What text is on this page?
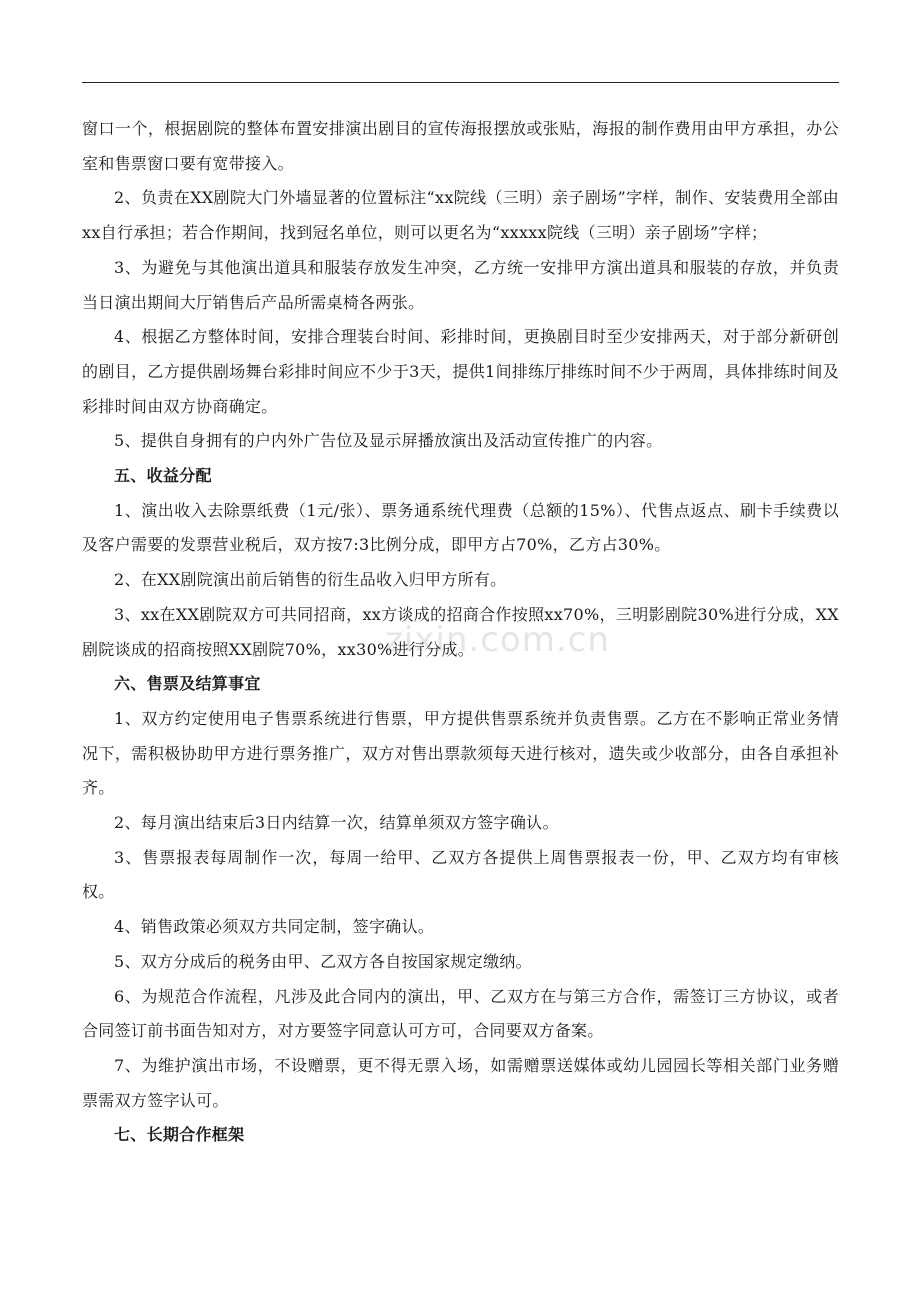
zixin.com.cn

窗口一个，根据剧院的整体布置安排演出剧目的宣传海报摆放或张贴，海报的制作费用由甲方承担，办公室和售票窗口要有宽带接入。

2、负责在XX剧院大门外墙显著的位置标注“xx院线（三明）亲子剧场”字样，制作、安装费用全部由xx自行承担；若合作期间，找到冠名单位，则可以更名为“xxxxx院线（三明）亲子剧场”字样；

3、为避免与其他演出道具和服装存放发生冲突，乙方统一安排甲方演出道具和服装的存放，并负责当日演出期间大厅销售后产品所需桌椅各两张。

4、根据乙方整体时间，安排合理装台时间、彩排时间，更换剧目时至少安排两天，对于部分新研创的剧目，乙方提供剧场舞台彩排时间应不少于3天，提供1间排练厅排练时间不少于两周，具体排练时间及彩排时间由双方协商确定。

5、提供自身拥有的户内外广告位及显示屏播放演出及活动宣传推广的内容。

五、收益分配

1、演出收入去除票纸费（1元/张）、票务通系统代理费（总额的15%）、代售点返点、刷卡手续费以及客户需要的发票营业税后，双方按7:3比例分成，即甲方占70%，乙方占30%。

2、在XX剧院演出前后销售的衍生品收入归甲方所有。

3、xx在XX剧院双方可共同招商，xx方谈成的招商合作按照xx70%，三明影剧院30%进行分成，XX剧院谈成的招商按照XX剧院70%，xx30%进行分成。

六、售票及结算事宜

1、双方约定使用电子售票系统进行售票，甲方提供售票系统并负责售票。乙方在不影响正常业务情况下，需积极协助甲方进行票务推广，双方对售出票款须每天进行核对，遗失或少收部分，由各自承担补齐。

2、每月演出结束后3日内结算一次，结算单须双方签字确认。

3、售票报表每周制作一次，每周一给甲、乙双方各提供上周售票报表一份，甲、乙双方均有审核权。

4、销售政策必须双方共同定制，签字确认。

5、双方分成后的税务由甲、乙双方各自按国家规定缴纳。

6、为规范合作流程，凡涉及此合同内的演出，甲、乙双方在与第三方合作，需签订三方协议，或者合同签订前书面告知对方，对方要签字同意认可方可，合同要双方备案。

7、为维护演出市场，不设赠票，更不得无票入场，如需赠票送媒体或幼儿园园长等相关部门业务赠票需双方签字认可。

七、长期合作框架
